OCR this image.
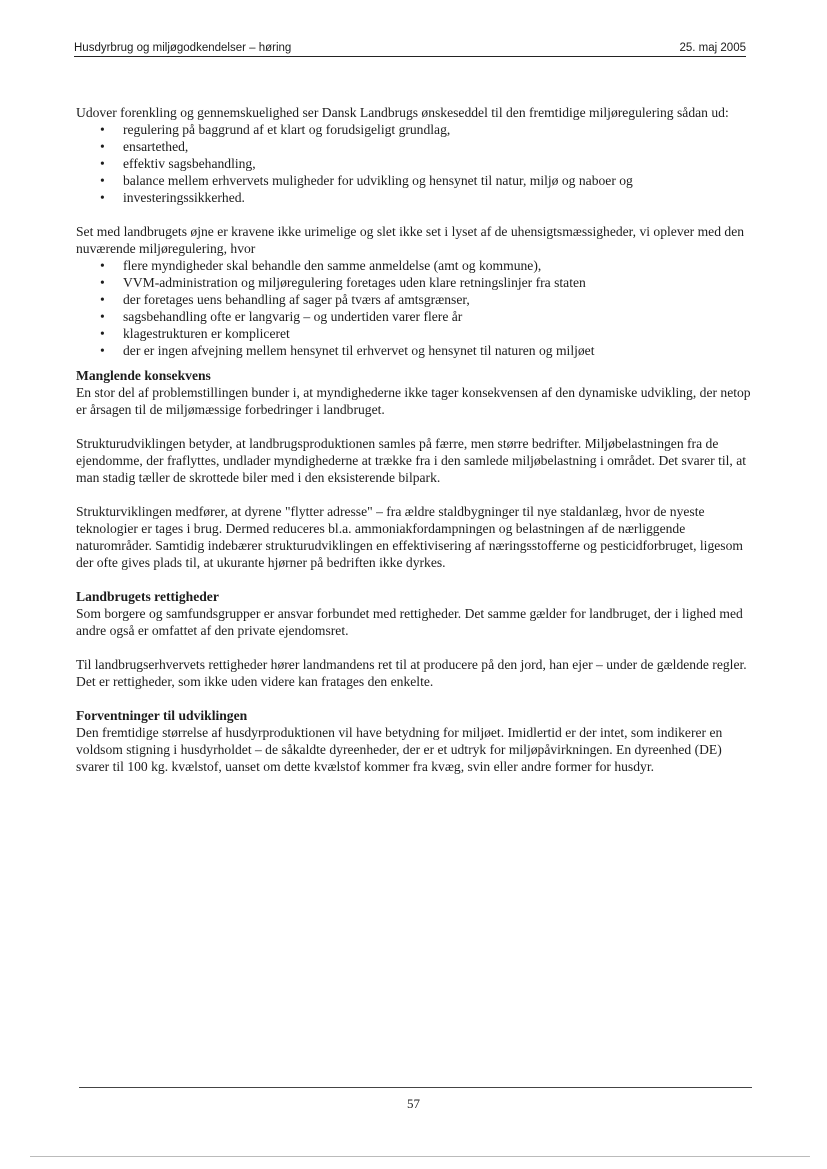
Husdyrbrug og miljøgodkendelser – høring	25. maj 2005

Udover forenkling og gennemskuelighed ser Dansk Landbrugs ønskeseddel til den fremtidige miljøregulering sådan ud:

• regulering på baggrund af et klart og forudsigeligt grundlag,
• ensartethed,
• effektiv sagsbehandling,
• balance mellem erhvervets muligheder for udvikling og hensynet til natur, miljø og naboer og
• investeringssikkerhed.

Set med landbrugets øjne er kravene ikke urimelige og slet ikke set i lyset af de uhensigtsmæssigheder, vi oplever med den nuværende miljøregulering, hvor

• flere myndigheder skal behandle den samme anmeldelse (amt og kommune),
• VVM-administration og miljøregulering foretages uden klare retningslinjer fra staten
• der foretages uens behandling af sager på tværs af amtsgrænser,
• sagsbehandling ofte er langvarig – og undertiden varer flere år
• klagestrukturen er kompliceret
• der er ingen afvejning mellem hensynet til erhvervet og hensynet til naturen og miljøet

Manglende konsekvens

En stor del af problemstillingen bunder i, at myndighederne ikke tager konsekvensen af den dynamiske udvikling, der netop er årsagen til de miljømæssige forbedringer i landbruget.

Strukturudviklingen betyder, at landbrugsproduktionen samles på færre, men større bedrifter. Miljøbelastningen fra de ejendomme, der fraflyttes, undlader myndighederne at trække fra i den samlede miljøbelastning i området. Det svarer til, at man stadig tæller de skrottede biler med i den eksisterende bilpark.

Strukturviklingen medfører, at dyrene "flytter adresse" – fra ældre staldbygninger til nye staldanlæg, hvor de nyeste teknologier er tages i brug. Dermed reduceres bl.a. ammoniakfordampningen og belastningen af de nærliggende naturområder. Samtidig indebærer strukturudviklingen en effektivisering af næringsstofferne og pesticidforbruget, ligesom der ofte gives plads til, at ukurante hjørner på bedriften ikke dyrkes.

Landbrugets rettigheder

Som borgere og samfundsgrupper er ansvar forbundet med rettigheder. Det samme gælder for landbruget, der i lighed med andre også er omfattet af den private ejendomsret.

Til landbrugserhvervets rettigheder hører landmandens ret til at producere på den jord, han ejer – under de gældende regler. Det er rettigheder, som ikke uden videre kan fratages den enkelte.

Forventninger til udviklingen

Den fremtidige størrelse af husdyrproduktionen vil have betydning for miljøet. Imidlertid er der intet, som indikerer en voldsom stigning i husdyrholdet – de såkaldte dyreenheder, der er et udtryk for miljøpåvirkningen. En dyreenhed (DE) svarer til 100 kg. kvælstof, uanset om dette kvælstof kommer fra kvæg, svin eller andre former for husdyr.

57
